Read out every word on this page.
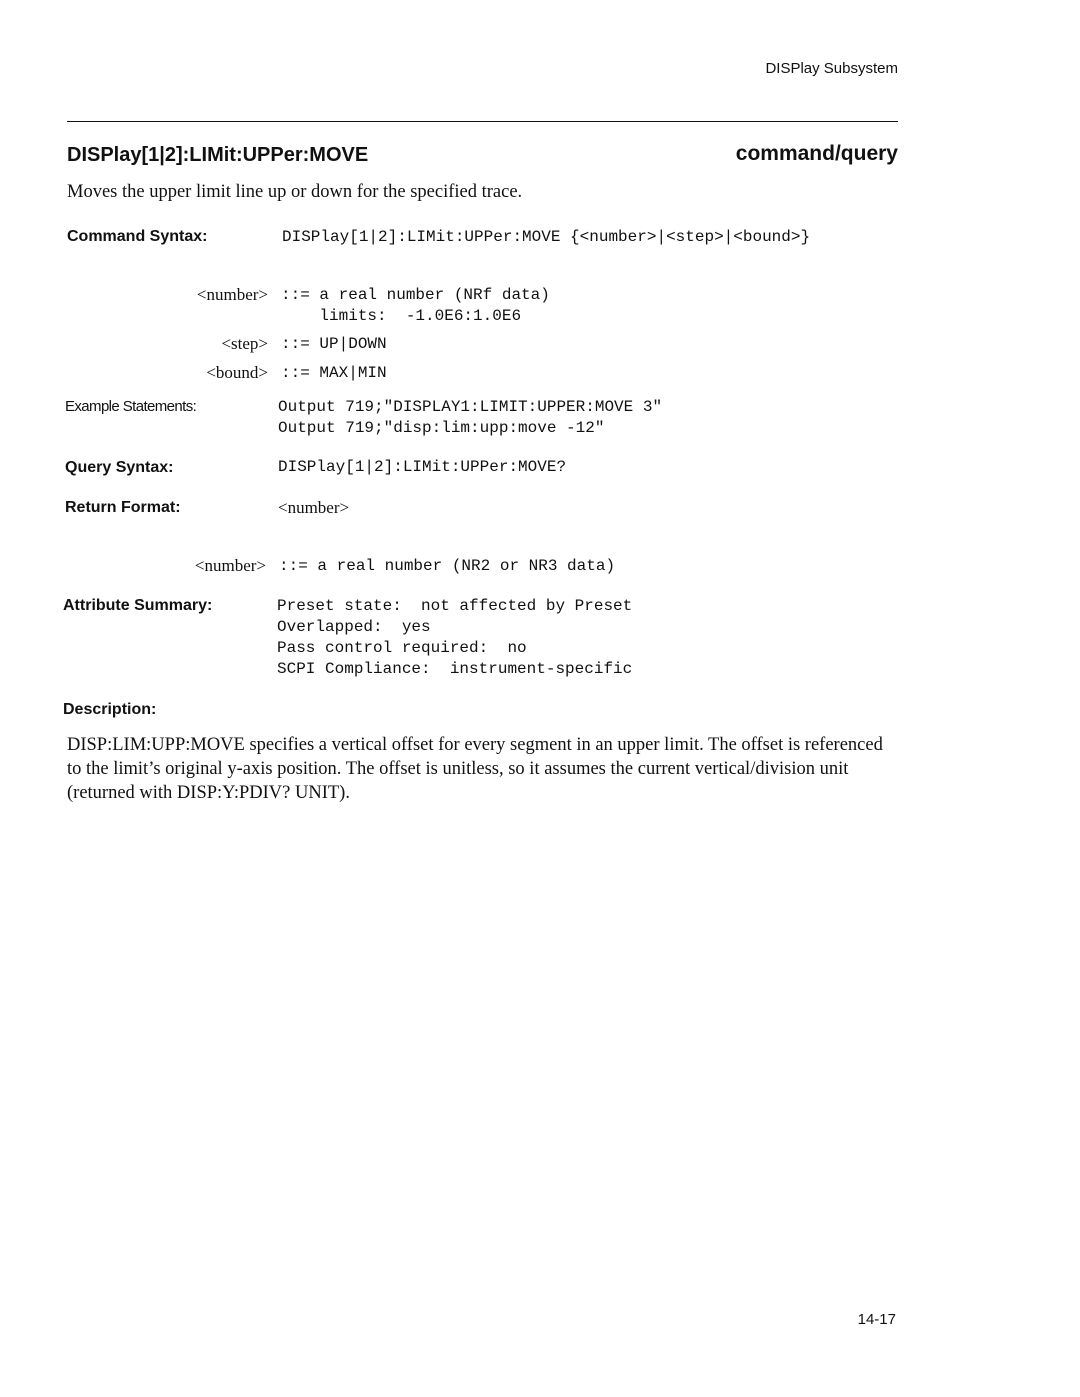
DISPlay Subsystem
DISPlay[1|2]:LIMit:UPPer:MOVE	command/query
Moves the upper limit line up or down for the specified trace.
Command Syntax:	DISPlay[1|2]:LIMit:UPPer:MOVE {<number>|<step>|<bound>}
<number> ::= a real number (NRf data)
limits:  -1.0E6:1.0E6
<step> ::= UP|DOWN
<bound> ::= MAX|MIN
Example Statements:	Output 719;"DISPLAY1:LIMIT:UPPER:MOVE 3"
Output 719;"disp:lim:upp:move -12"
Query Syntax:	DISPlay[1|2]:LIMit:UPPer:MOVE?
Return Format:	<number>
<number> ::= a real number (NR2 or NR3 data)
Attribute Summary:	Preset state:  not affected by Preset
Overlapped:  yes
Pass control required:  no
SCPI Compliance:  instrument-specific
Description:
DISP:LIM:UPP:MOVE specifies a vertical offset for every segment in an upper limit. The offset is referenced to the limit’s original y-axis position. The offset is unitless, so it assumes the current vertical/division unit (returned with DISP:Y:PDIV? UNIT).
14-17
